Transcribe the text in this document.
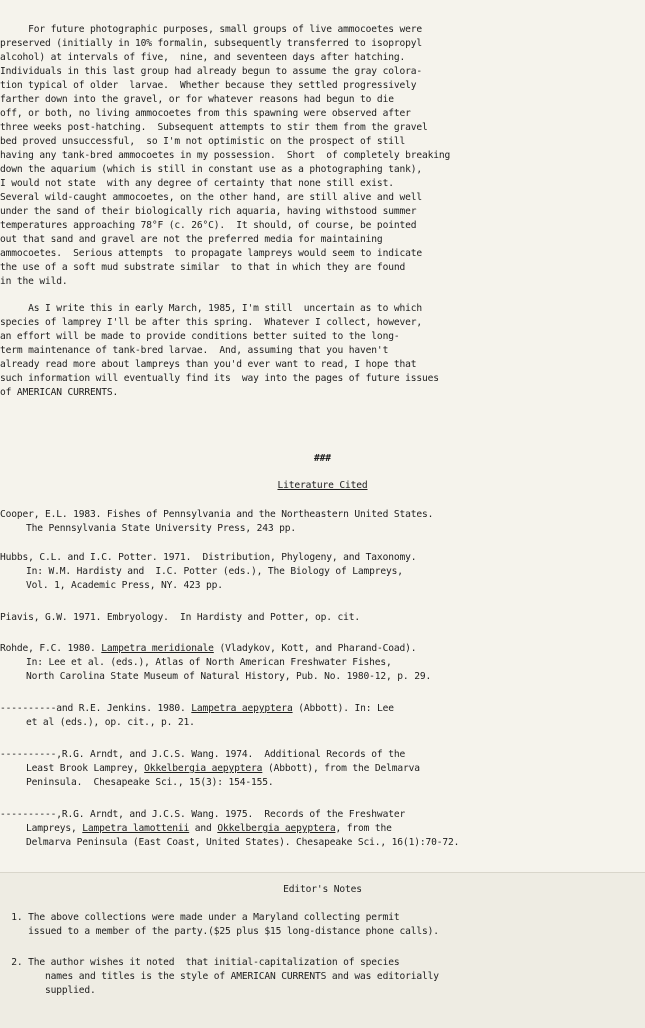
For future photographic purposes, small groups of live ammocoetes were
preserved (initially in 10% formalin, subsequently transferred to isopropyl
alcohol) at intervals of five,  nine, and seventeen days after hatching.
Individuals in this last group had already begun to assume the gray colora-
tion typical of older  larvae.  Whether because they settled progressively
farther down into the gravel, or for whatever reasons had begun to die
off, or both, no living ammocoetes from this spawning were observed after
three weeks post-hatching.  Subsequent attempts to stir them from the gravel
bed proved unsuccessful,  so I'm not optimistic on the prospect of still
having any tank-bred ammocoetes in my possession.  Short  of completely breaking
down the aquarium (which is still in constant use as a photographing tank),
I would not state  with any degree of certainty that none still exist.
Several wild-caught ammocoetes, on the other hand, are still alive and well
under the sand of their biologically rich aquaria, having withstood summer
temperatures approaching 78°F (c. 26°C).  It should, of course, be pointed
out that sand and gravel are not the preferred media for maintaining
ammocoetes.  Serious attempts  to propagate lampreys would seem to indicate
the use of a soft mud substrate similar  to that in which they are found
in the wild.
As I write this in early March, 1985, I'm still  uncertain as to which
species of lamprey I'll be after this spring.  Whatever I collect, however,
an effort will be made to provide conditions better suited to the long-
term maintenance of tank-bred larvae.  And, assuming that you haven't
already read more about lampreys than you'd ever want to read, I hope that
such information will eventually find its  way into the pages of future issues
of AMERICAN CURRENTS.
###
Literature Cited
Cooper, E.L. 1983. Fishes of Pennsylvania and the Northeastern United States.
The Pennsylvania State University Press, 243 pp.
Hubbs, C.L. and I.C. Potter. 1971.  Distribution, Phylogeny, and Taxonomy.
In: W.M. Hardisty and  I.C. Potter (eds.), The Biology of Lampreys,
Vol. 1, Academic Press, NY. 423 pp.
Piavis, G.W. 1971. Embryology.  In Hardisty and Potter, op. cit.
Rohde, F.C. 1980. Lampetra meridionale (Vladykov, Kott, and Pharand-Coad).
In: Lee et al. (eds.), Atlas of North American Freshwater Fishes,
North Carolina State Museum of Natural History, Pub. No. 1980-12, p. 29.
----------and R.E. Jenkins. 1980. Lampetra aepyptera (Abbott). In: Lee
et al (eds.), op. cit., p. 21.
----------,R.G. Arndt, and J.C.S. Wang. 1974.  Additional Records of the
Least Brook Lamprey, Okkelbergia aepyptera (Abbott), from the Delmarva
Peninsula.  Chesapeake Sci., 15(3): 154-155.
----------,R.G. Arndt, and J.C.S. Wang. 1975.  Records of the Freshwater
Lampreys, Lampetra lamottenii and Okkelbergia aepyptera, from the
Delmarva Peninsula (East Coast, United States). Chesapeake Sci., 16(1):70-72.
Editor's Notes
1. The above collections were made under a Maryland collecting permit
issued to a member of the party.($25 plus $15 long-distance phone calls).
2. The author wishes it noted  that initial-capitalization of species
names and titles is the style of AMERICAN CURRENTS and was editorially
supplied.
